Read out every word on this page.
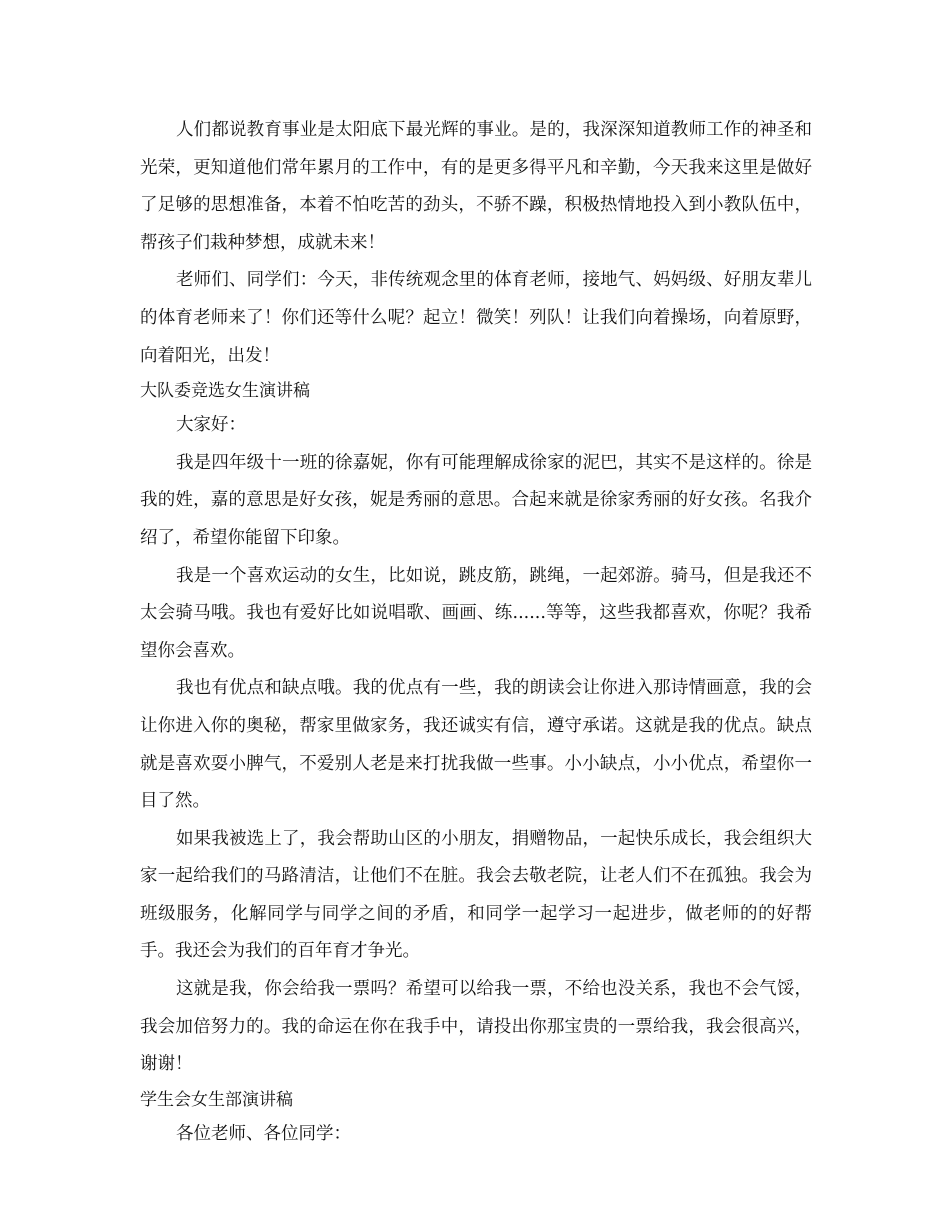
人们都说教育事业是太阳底下最光辉的事业。是的，我深深知道教师工作的神圣和光荣，更知道他们常年累月的工作中，有的是更多得平凡和辛勤，今天我来这里是做好了足够的思想准备，本着不怕吃苦的劲头，不骄不躁，积极热情地投入到小教队伍中，  帮孩子们栽种梦想，成就未来！

老师们、同学们：今天，非传统观念里的体育老师，接地气、妈妈级、好朋友辈儿的体育老师来了！你们还等什么呢？起立！微笑！列队！让我们向着操场，向着原野，向着阳光，出发！

大队委竞选女生演讲稿

大家好：

我是四年级十一班的徐嘉妮，你有可能理解成徐家的泥巴，其实不是这样的。徐是我的姓，嘉的意思是好女孩，妮是秀丽的意思。合起来就是徐家秀丽的好女孩。名我介绍了，希望你能留下印象。

我是一个喜欢运动的女生，比如说，跳皮筋，跳绳，一起郊游。骑马，但是我还不太会骑马哦。我也有爱好比如说唱歌、画画、练......等等，这些我都喜欢，你呢？我希望你会喜欢。

我也有优点和缺点哦。我的优点有一些，我的朗读会让你进入那诗情画意，我的会让你进入你的奥秘，帮家里做家务，我还诚实有信，遵守承诺。这就是我的优点。缺点就是喜欢耍小脾气，不爱别人老是来打扰我做一些事。小小缺点，小小优点，希望你一目了然。

如果我被选上了，我会帮助山区的小朋友，捐赠物品，一起快乐成长，我会组织大家一起给我们的马路清洁，让他们不在脏。我会去敬老院，让老人们不在孤独。我会为班级服务，化解同学与同学之间的矛盾，和同学一起学习一起进步，做老师的的好帮手。我还会为我们的百年育才争光。

这就是我，你会给我一票吗？希望可以给我一票，不给也没关系，我也不会气馁，我会加倍努力的。我的命运在你在我手中，请投出你那宝贵的一票给我，我会很高兴，谢谢！

学生会女生部演讲稿

各位老师、各位同学：
